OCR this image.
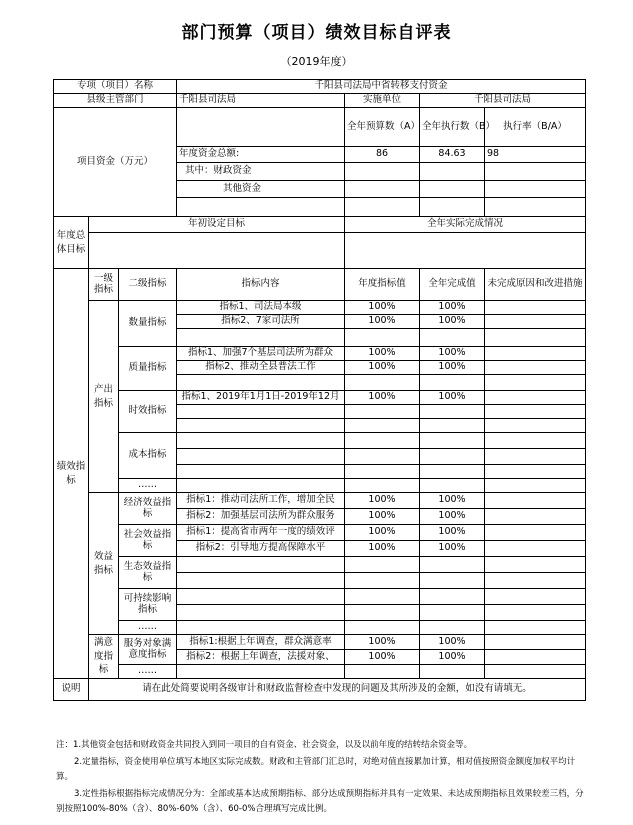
部门预算（项目）绩效目标自评表
（2019年度）
专项（项目）名称			千阳县司法局中省转移支付资金			
县级主管部门			千阳县司法局	实施单位	千阳县司法局	
项目资金（万元）				全年预算数（A）	全年执行数（B）	执行率（B/A）
			年度资金总额:	86	84.63	98
			其中：财政资金			
			其他资金			

年度总体目标	年初设定目标			全年实际完成情况		

绩效指标	一级指标	二级指标	指标内容	年度指标值	全年完成值	未完成原因和改进措施
	产出指标	数量指标	指标1、司法局本级	100%	100%	
			指标2、7家司法所	100%	100%	

		质量指标	指标1、加强7个基层司法所为群众	100%	100%	
			指标2、推动全县普法工作	100%	100%	

		时效指标	指标1、2019年1月1日-2019年12月	100%	100%	

		成本指标				

		……				
	效益指标	经济效益指标	指标1：推动司法所工作，增加全民	100%	100%	
			指标2：加强基层司法所为群众服务	100%	100%	
		社会效益指标	指标1：提高省市两年一度的绩效评	100%	100%	
			指标2：引导地方提高保障水平	100%	100%	
		生态效益指标				

		可持续影响指标				

		……				
	满意度指标	服务对象满意度指标	指标1:根据上年调查，群众满意率	100%	100%	
			指标2：根据上年调查，法援对象、	100%	100%	
		……				
说明	请在此处简要说明各级审计和财政监督检查中发现的问题及其所涉及的金额，如没有请填无。					

注：1.其他资金包括和财政资金共同投入到同一项目的自有资金、社会资金，以及以前年度的结转结余资金等。

2.定量指标，资金使用单位填写本地区实际完成数。财政和主管部门汇总时，对绝对值直接累加计算，相对值按照资金额度加权平均计算。

3.定性指标根据指标完成情况分为：全部或基本达成预期指标、部分达成预期指标并具有一定效果、未达成预期指标且效果较差三档，分别按照100%-80%（含）、80%-60%（含）、60-0%合理填写完成比例。
